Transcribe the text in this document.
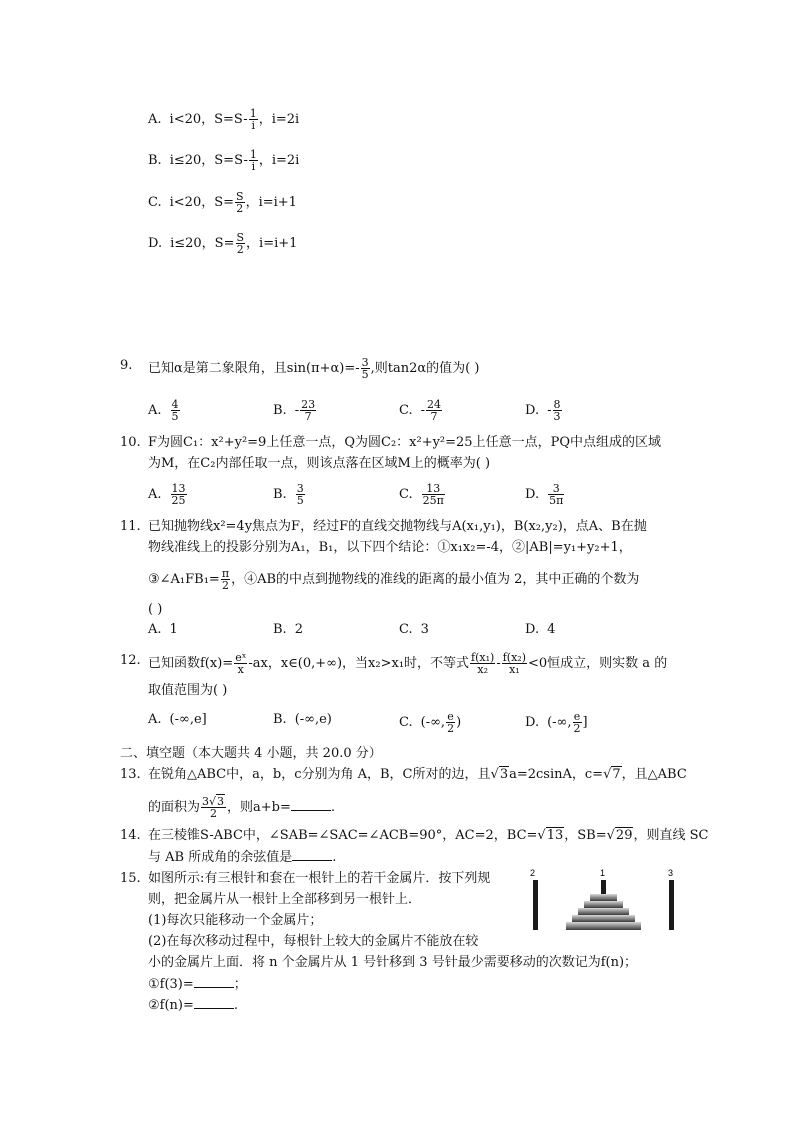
A. i<20，$S=S- \frac{1}{i}$ ，i=2i
B. i≤20，$S=S- \frac{1}{i}$ ，i=2i
C. i<20，$S= \frac{S}{2}$ ，i=i+1
D. i≤20，$S= \frac{S}{2}$ ，i=i+1
9. 已知α是第二象限角，且$\sin(\pi+\alpha)=- \frac{3}{5}$ ,则tan2α的值为( )
A. $\frac{4}{5}$	B. - $\frac{23}{7}$	C. - $\frac{24}{7}$	D. - $\frac{8}{3}$
10. F为圆C₁：x²+y²=9上任意一点，Q为圆C₂：x²+y²=25上任意一点，PQ中点组成的区域
为M，在C₂内部任取一点，则该点落在区域M上的概率为( )
A. $\frac{13}{25}$	B. $\frac{3}{5}$	C. $\frac{13}{25\pi}$	D. $\frac{3}{5\pi}$
11. 已知抛物线x²=4y焦点为F，经过F的直线交抛物线与A(x₁,y₁)，B(x₂,y₂)，点A、B在抛
物线准线上的投影分别为A₁，B₁，以下四个结论：①x₁x₂=-4，②|AB|=y₁+y₂+1，
③∠A₁FB₁= $\frac{\pi}{2}$ ，④AB的中点到抛物线的准线的距离的最小值为 2，其中正确的个数为
( )
A. 1	B. 2	C. 3	D. 4
12. 已知函数$f(x)= \frac{\text{eˣ}}{x} -ax$，x∈(0,+∞)，当x₂>x₁时，不等式 $\frac{\text{f(x₁)}}{\text{x₂}} - \frac{\text{f(x₂)}}{\text{x₁}} <0$恒成立，则实数 a 的
取值范围为( )
A. (-∞,e]	B. (-∞,e)	C. (-∞, $\frac{e}{2}$ )	D. (-∞, $\frac{e}{2}$ ]
二、填空题（本大题共 4 小题，共 20.0 分）
13. 在锐角△ABC中，a，b，c分别为角 A，B，C所对的边，且√3a=2csinA，c=√7，且△ABC
的面积为 $\frac{3√3}{2}$ ，则a+b=	.
14. 在三棱锥S-ABC中，∠SAB=∠SAC=∠ACB=90°，AC=2，BC=√13，SB=√29，则直线 SC
与 AB 所成角的余弦值是	.
15. 如图所示:有三根针和套在一根针上的若干金属片．按下列规
则，把金属片从一根针上全部移到另一根针上．
(1)每次只能移动一个金属片；
(2)在每次移动过程中，每根针上较大的金属片不能放在较
小的金属片上面．将 n 个金属片从 1 号针移到 3 号针最少需要移动的次数记为f(n)；
①f(3)=	；
②f(n)=	.
2	1	3
